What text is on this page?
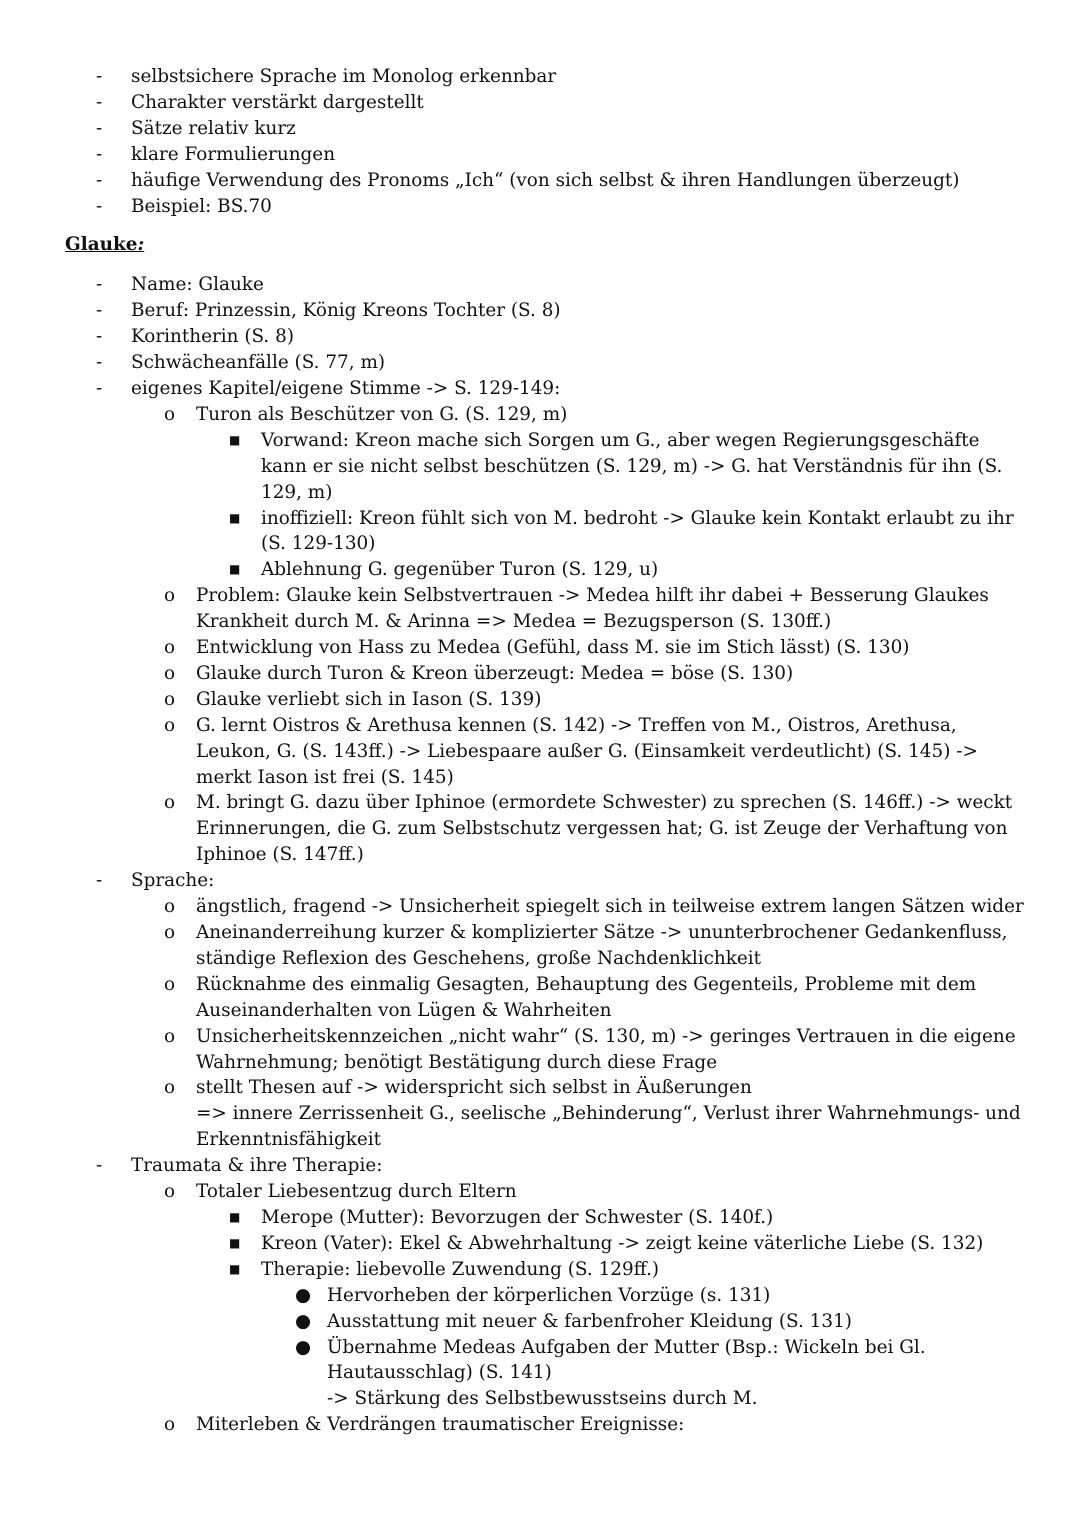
- selbstsichere Sprache im Monolog erkennbar
- Charakter verstärkt dargestellt
- Sätze relativ kurz
- klare Formulierungen
- häufige Verwendung des Pronoms „Ich“ (von sich selbst & ihren Handlungen überzeugt)
- Beispiel: BS.70
Glauke:
- Name: Glauke
- Beruf: Prinzessin, König Kreons Tochter (S. 8)
- Korintherin (S. 8)
- Schwächeanfälle (S. 77, m)
- eigenes Kapitel/eigene Stimme -> S. 129-149:
o Turon als Beschützer von G. (S. 129, m)
■ Vorwand: Kreon mache sich Sorgen um G., aber wegen Regierungsgeschäfte
kann er sie nicht selbst beschützen (S. 129, m) -> G. hat Verständnis für ihn (S.
129, m)
■ inoffiziell: Kreon fühlt sich von M. bedroht -> Glauke kein Kontakt erlaubt zu ihr
(S. 129-130)
■ Ablehnung G. gegenüber Turon (S. 129, u)
o Problem: Glauke kein Selbstvertrauen -> Medea hilft ihr dabei + Besserung Glaukes
Krankheit durch M. & Arinna => Medea = Bezugsperson (S. 130ff.)
o Entwicklung von Hass zu Medea (Gefühl, dass M. sie im Stich lässt) (S. 130)
o Glauke durch Turon & Kreon überzeugt: Medea = böse (S. 130)
o Glauke verliebt sich in Iason (S. 139)
o G. lernt Oistros & Arethusa kennen (S. 142) -> Treffen von M., Oistros, Arethusa,
Leukon, G. (S. 143ff.) -> Liebespaare außer G. (Einsamkeit verdeutlicht) (S. 145) ->
merkt Iason ist frei (S. 145)
o M. bringt G. dazu über Iphinoe (ermordete Schwester) zu sprechen (S. 146ff.) -> weckt
Erinnerungen, die G. zum Selbstschutz vergessen hat; G. ist Zeuge der Verhaftung von
Iphinoe (S. 147ff.)
- Sprache:
o ängstlich, fragend -> Unsicherheit spiegelt sich in teilweise extrem langen Sätzen wider
o Aneinanderreihung kurzer & komplizierter Sätze -> ununterbrochener Gedankenfluss,
ständige Reflexion des Geschehens, große Nachdenklichkeit
o Rücknahme des einmalig Gesagten, Behauptung des Gegenteils, Probleme mit dem
Auseinanderhalten von Lügen & Wahrheiten
o Unsicherheitskennzeichen „nicht wahr“ (S. 130, m) -> geringes Vertrauen in die eigene
Wahrnehmung; benötigt Bestätigung durch diese Frage
o stellt Thesen auf -> widerspricht sich selbst in Äußerungen
=> innere Zerrissenheit G., seelische „Behinderung“, Verlust ihrer Wahrnehmungs- und
Erkenntnisfähigkeit
- Traumata & ihre Therapie:
o Totaler Liebesentzug durch Eltern
■ Merope (Mutter): Bevorzugen der Schwester (S. 140f.)
■ Kreon (Vater): Ekel & Abwehrhaltung -> zeigt keine väterliche Liebe (S. 132)
■ Therapie: liebevolle Zuwendung (S. 129ff.)
● Hervorheben der körperlichen Vorzüge (s. 131)
● Ausstattung mit neuer & farbenfroher Kleidung (S. 131)
● Übernahme Medeas Aufgaben der Mutter (Bsp.: Wickeln bei Gl.
Hautausschlag) (S. 141)
-> Stärkung des Selbstbewusstseins durch M.
o Miterleben & Verdrängen traumatischer Ereignisse:
